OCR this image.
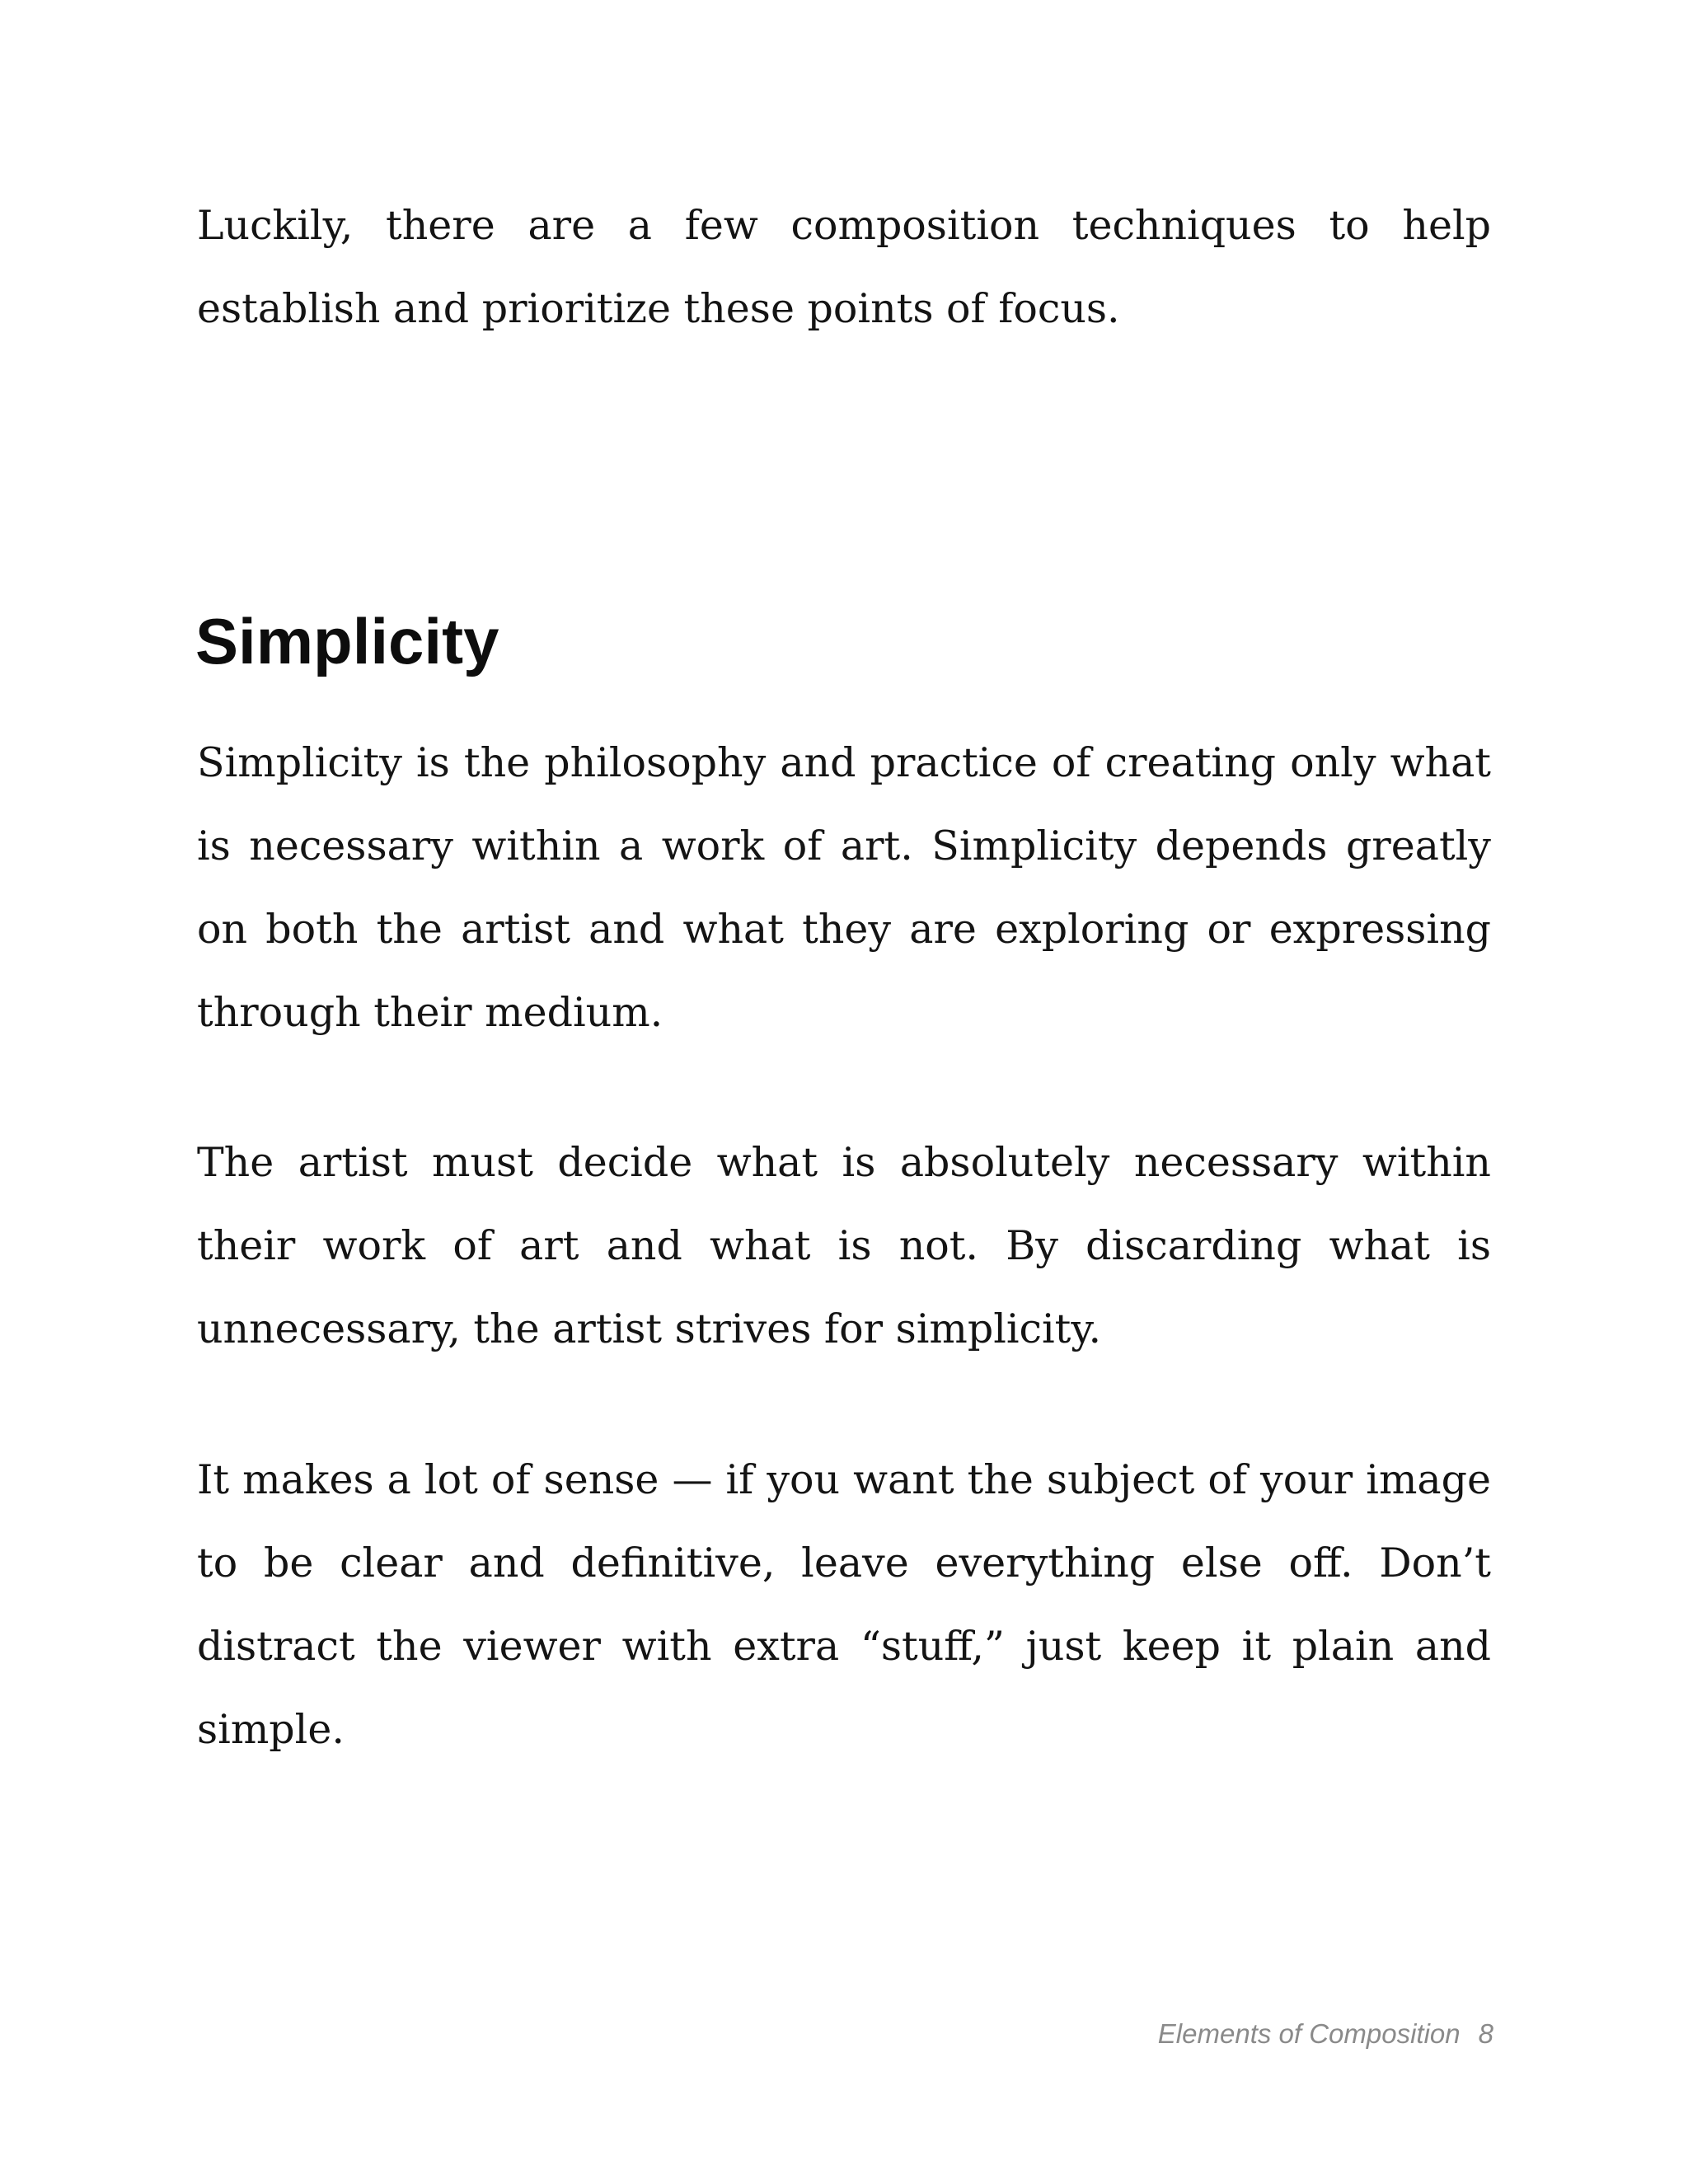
Luckily, there are a few composition techniques to help establish and prioritize these points of focus.

Simplicity

Simplicity is the philosophy and practice of creating only what is necessary within a work of art. Simplicity depends greatly on both the artist and what they are exploring or expressing through their medium.

The artist must decide what is absolutely necessary within their work of art and what is not. By discarding what is unnecessary, the artist strives for simplicity.

It makes a lot of sense — if you want the subject of your image to be clear and definitive, leave everything else off. Don’t distract the viewer with extra “stuff,” just keep it plain and simple.

Elements of Composition 8
